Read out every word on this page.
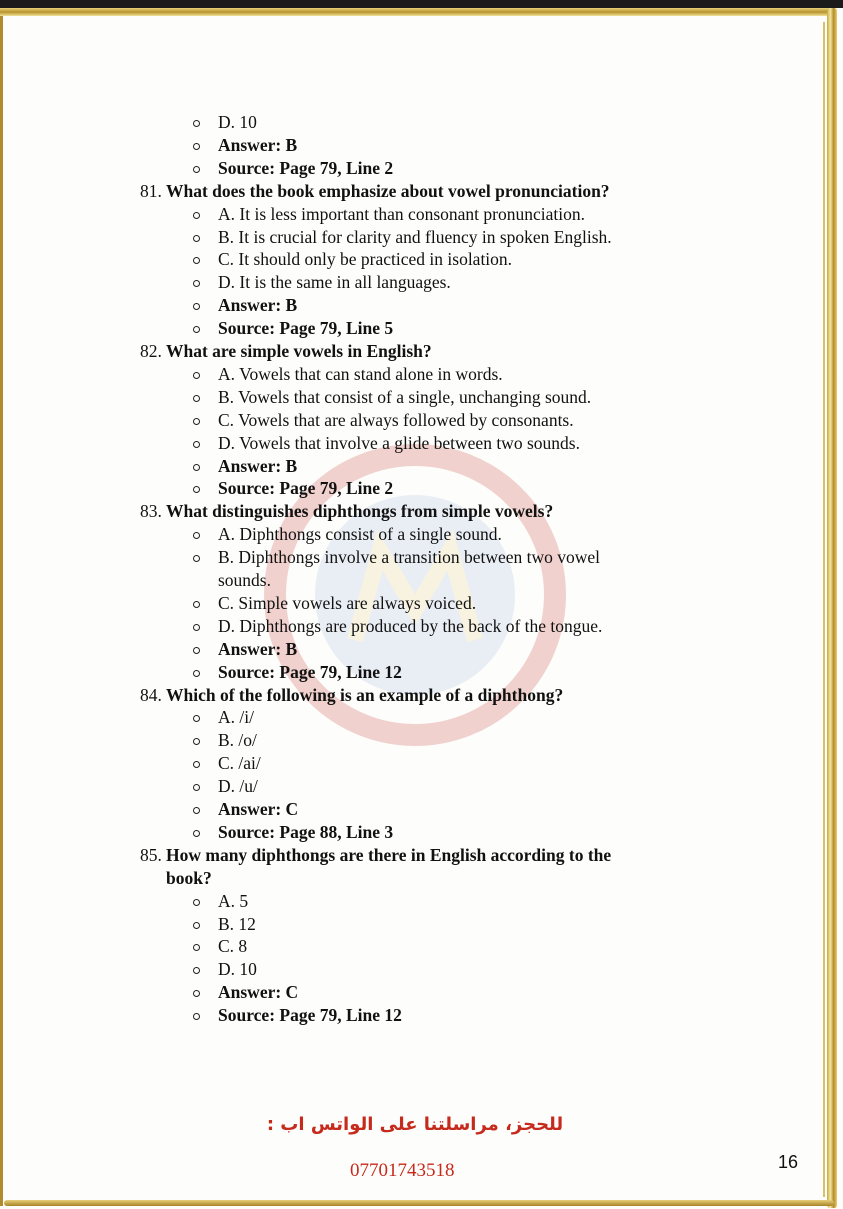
D. 10
Answer: B
Source: Page 79, Line 2
81. What does the book emphasize about vowel pronunciation?
A. It is less important than consonant pronunciation.
B. It is crucial for clarity and fluency in spoken English.
C. It should only be practiced in isolation.
D. It is the same in all languages.
Answer: B
Source: Page 79, Line 5
82. What are simple vowels in English?
A. Vowels that can stand alone in words.
B. Vowels that consist of a single, unchanging sound.
C. Vowels that are always followed by consonants.
D. Vowels that involve a glide between two sounds.
Answer: B
Source: Page 79, Line 2
83. What distinguishes diphthongs from simple vowels?
A. Diphthongs consist of a single sound.
B. Diphthongs involve a transition between two vowel
sounds.
C. Simple vowels are always voiced.
D. Diphthongs are produced by the back of the tongue.
Answer: B
Source: Page 79, Line 12
84. Which of the following is an example of a diphthong?
A. /i/
B. /o/
C. /ai/
D. /u/
Answer: C
Source: Page 88, Line 3
85. How many diphthongs are there in English according to the
book?
A. 5
B. 12
C. 8
D. 10
Answer: C
Source: Page 79, Line 12
للحجز، مراسلتنا على الواتس اب :
07701743518	16
